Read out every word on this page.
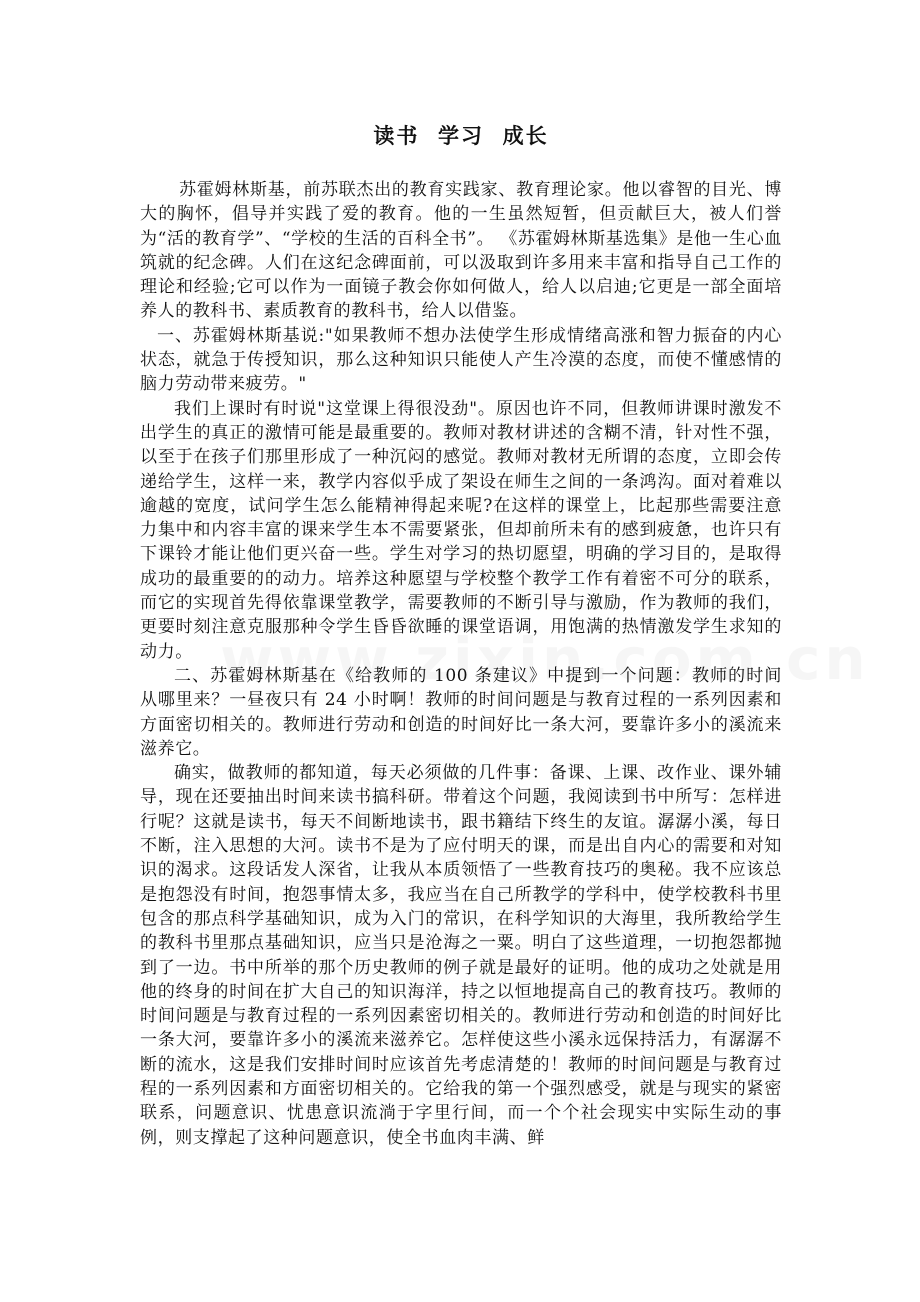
读书  学习  成长

苏霍姆林斯基，前苏联杰出的教育实践家、教育理论家。他以睿智的目光、博大的胸怀，倡导并实践了爱的教育。他的一生虽然短暂，但贡献巨大，被人们誉为“活的教育学”、“学校的生活的百科全书”。 《苏霍姆林斯基选集》是他一生心血筑就的纪念碑。人们在这纪念碑面前，可以汲取到许多用来丰富和指导自己工作的理论和经验;它可以作为一面镜子教会你如何做人，给人以启迪;它更是一部全面培养人的教科书、素质教育的教科书，给人以借鉴。

一、苏霍姆林斯基说:"如果教师不想办法使学生形成情绪高涨和智力振奋的内心状态，就急于传授知识，那么这种知识只能使人产生冷漠的态度，而使不懂感情的脑力劳动带来疲劳。"

我们上课时有时说"这堂课上得很没劲"。原因也许不同，但教师讲课时激发不出学生的真正的激情可能是最重要的。教师对教材讲述的含糊不清，针对性不强，以至于在孩子们那里形成了一种沉闷的感觉。教师对教材无所谓的态度，立即会传递给学生，这样一来，教学内容似乎成了架设在师生之间的一条鸿沟。面对着难以逾越的宽度，试问学生怎么能精神得起来呢?在这样的课堂上，比起那些需要注意力集中和内容丰富的课来学生本不需要紧张，但却前所未有的感到疲惫，也许只有下课铃才能让他们更兴奋一些。学生对学习的热切愿望，明确的学习目的，是取得成功的最重要的的动力。培养这种愿望与学校整个教学工作有着密不可分的联系，而它的实现首先得依靠课堂教学，需要教师的不断引导与激励，作为教师的我们，更要时刻注意克服那种令学生昏昏欲睡的课堂语调，用饱满的热情激发学生求知的动力。

二、苏霍姆林斯基在《给教师的 100 条建议》中提到一个问题：教师的时间从哪里来？一昼夜只有 24 小时啊！教师的时间问题是与教育过程的一系列因素和方面密切相关的。教师进行劳动和创造的时间好比一条大河，要靠许多小的溪流来滋养它。

确实，做教师的都知道，每天必须做的几件事：备课、上课、改作业、课外辅导，现在还要抽出时间来读书搞科研。带着这个问题，我阅读到书中所写：怎样进行呢？这就是读书，每天不间断地读书，跟书籍结下终生的友谊。潺潺小溪，每日不断，注入思想的大河。读书不是为了应付明天的课，而是出自内心的需要和对知识的渴求。这段话发人深省，让我从本质领悟了一些教育技巧的奥秘。我不应该总是抱怨没有时间，抱怨事情太多，我应当在自己所教学的学科中，使学校教科书里包含的那点科学基础知识，成为入门的常识，在科学知识的大海里，我所教给学生的教科书里那点基础知识，应当只是沧海之一粟。明白了这些道理，一切抱怨都抛到了一边。书中所举的那个历史教师的例子就是最好的证明。他的成功之处就是用他的终身的时间在扩大自己的知识海洋，持之以恒地提高自己的教育技巧。教师的时间问题是与教育过程的一系列因素密切相关的。教师进行劳动和创造的时间好比一条大河，要靠许多小的溪流来滋养它。怎样使这些小溪永远保持活力，有潺潺不断的流水，这是我们安排时间时应该首先考虑清楚的！教师的时间问题是与教育过程的一系列因素和方面密切相关的。它给我的第一个强烈感受，就是与现实的紧密联系，问题意识、忧患意识流淌于字里行间，而一个个社会现实中实际生动的事例，则支撑起了这种问题意识，使全书血肉丰满、鲜
